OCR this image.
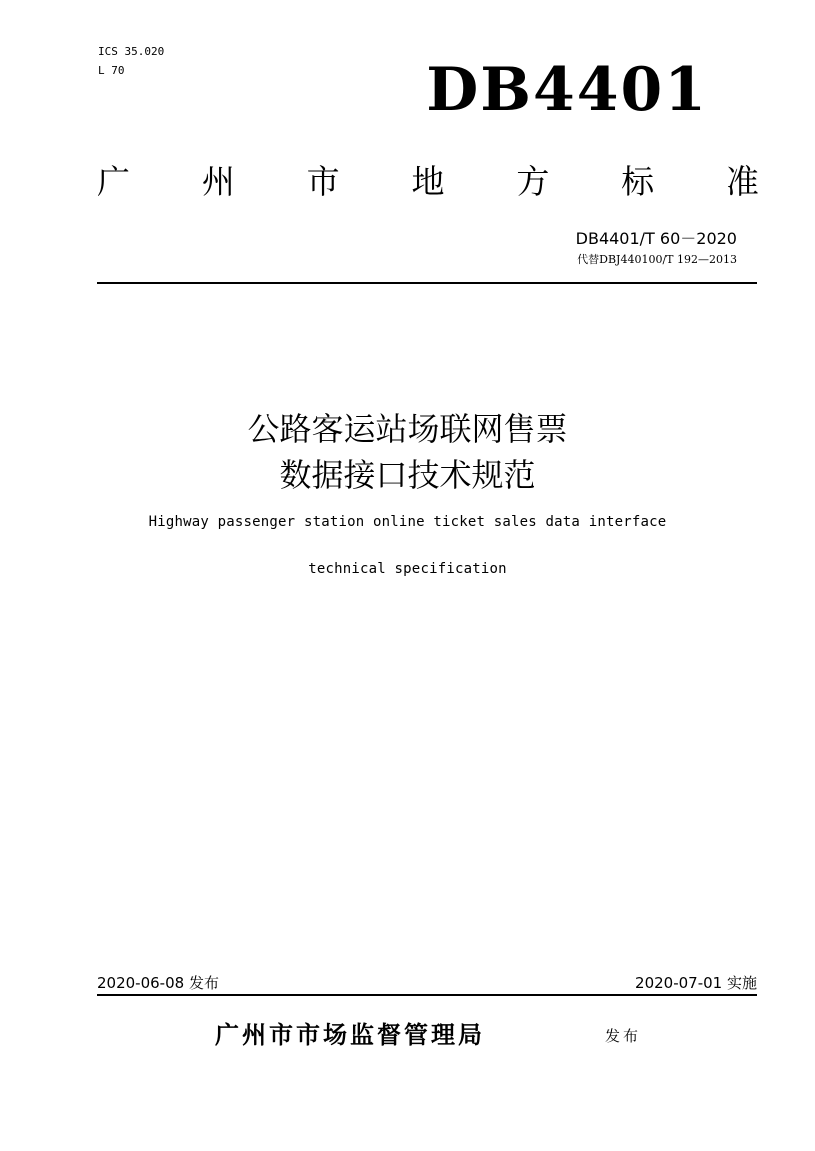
ICS 35.020
L 70	DB4401
广 州 市 地 方 标 准
DB4401/T 60－2020
代替DBJ440100/T 192—2013
公路客运站场联网售票
数据接口技术规范
Highway passenger station online ticket sales data interface
technical specification
2020-06-08 发布	2020-07-01 实施
广州市市场监督管理局	发布
